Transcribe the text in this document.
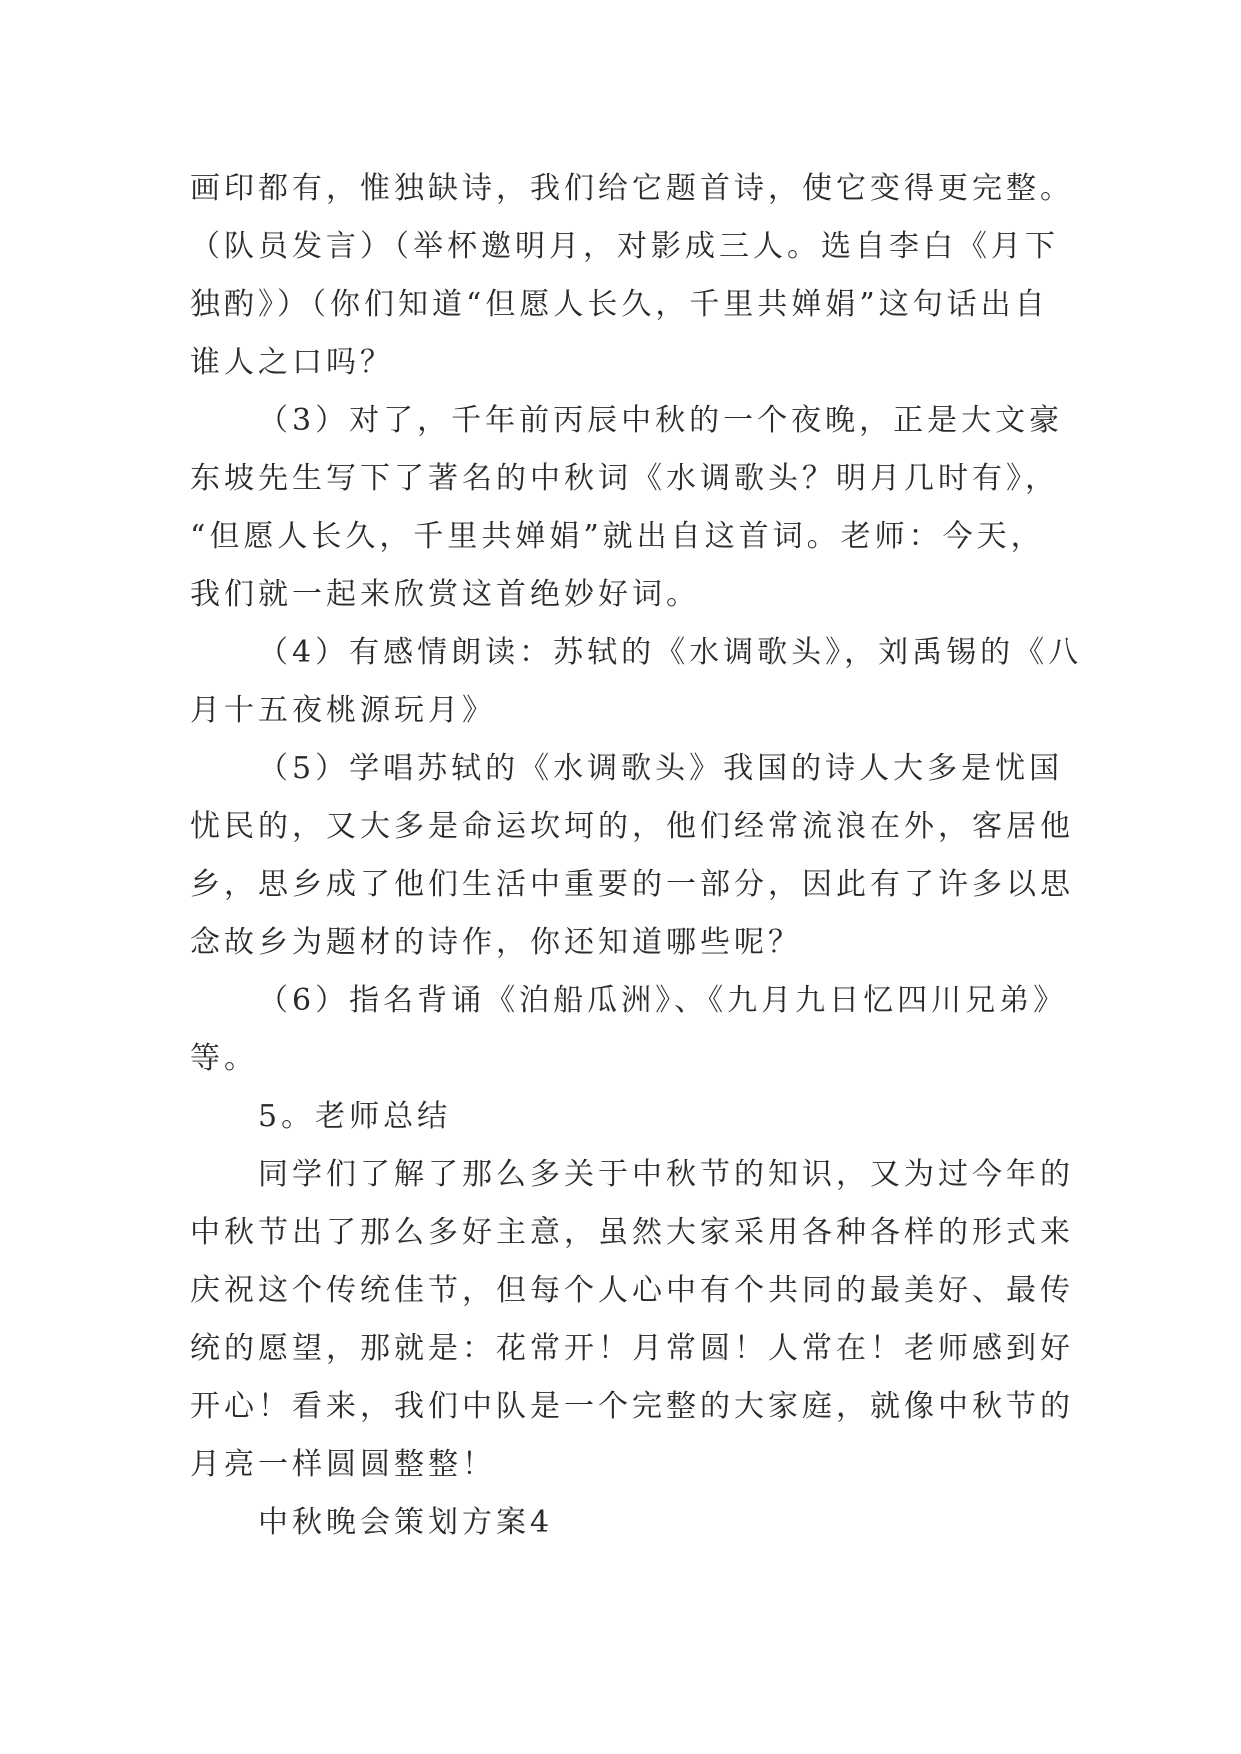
画印都有，惟独缺诗，我们给它题首诗，使它变得更完整。
（队员发言）（举杯邀明月，对影成三人。选自李白《月下
独酌》）（你们知道“但愿人长久，千里共婵娟”这句话出自
谁人之口吗？
（3）对了，千年前丙辰中秋的一个夜晚，正是大文豪
东坡先生写下了著名的中秋词《水调歌头？明月几时有》，
“但愿人长久，千里共婵娟”就出自这首词。老师：今天，
我们就一起来欣赏这首绝妙好词。
（4）有感情朗读：苏轼的《水调歌头》，刘禹锡的《八
月十五夜桃源玩月》
（5）学唱苏轼的《水调歌头》我国的诗人大多是忧国
忧民的，又大多是命运坎坷的，他们经常流浪在外，客居他
乡，思乡成了他们生活中重要的一部分，因此有了许多以思
念故乡为题材的诗作，你还知道哪些呢？
（6）指名背诵《泊船瓜洲》、《九月九日忆四川兄弟》
等。
5。老师总结
同学们了解了那么多关于中秋节的知识，又为过今年的
中秋节出了那么多好主意，虽然大家采用各种各样的形式来
庆祝这个传统佳节，但每个人心中有个共同的最美好、最传
统的愿望，那就是：花常开！月常圆！人常在！老师感到好
开心！看来，我们中队是一个完整的大家庭，就像中秋节的
月亮一样圆圆整整！
中秋晚会策划方案4
